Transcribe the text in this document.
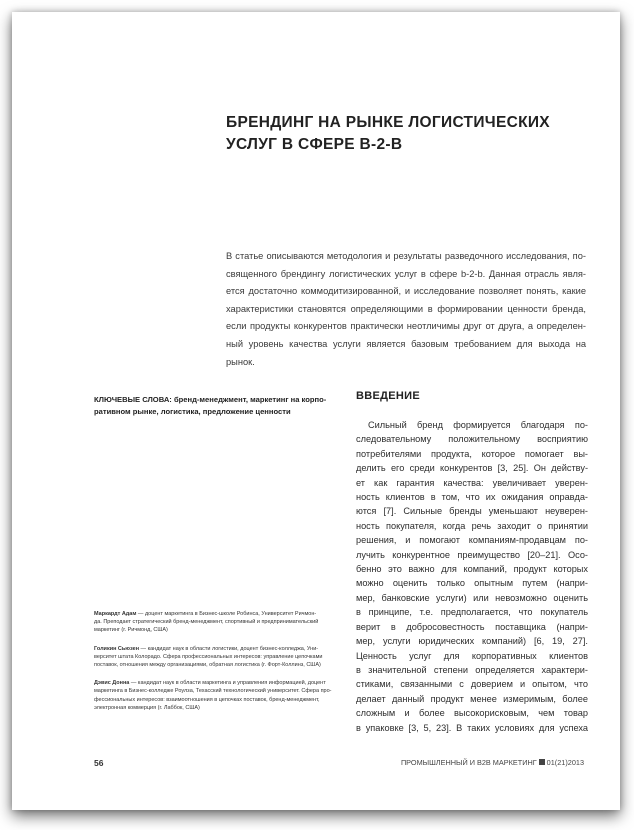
БРЕНДИНГ НА РЫНКЕ ЛОГИСТИЧЕСКИХ
УСЛУГ В СФЕРЕ B-2-B
В статье описываются методология и результаты разведочного исследования, по-
священного брендингу логистических услуг в сфере b-2-b. Данная отрасль явля-
ется достаточно коммодитизированной, и исследование позволяет понять, какие
характеристики становятся определяющими в формировании ценности бренда,
если продукты конкурентов практически неотличимы друг от друга, а определен-
ный уровень качества услуги является базовым требованием для выхода на рынок.
КЛЮЧЕВЫЕ СЛОВА: бренд-менеджмент, маркетинг на корпо-
ративном рынке, логистика, предложение ценности
ВВЕДЕНИЕ
Сильный бренд формируется благодаря по-
следовательному положительному восприятию
потребителями продукта, которое помогает вы-
делить его среди конкурентов [3, 25]. Он действу-
ет как гарантия качества: увеличивает уверен-
ность клиентов в том, что их ожидания оправда-
ются [7]. Сильные бренды уменьшают неуверен-
ность покупателя, когда речь заходит о принятии
решения, и помогают компаниям-продавцам по-
лучить конкурентное преимущество [20–21]. Осо-
бенно это важно для компаний, продукт которых
можно оценить только опытным путем (напри-
мер, банковские услуги) или невозможно оценить
в принципе, т.е. предполагается, что покупатель
верит в добросовестность поставщика (напри-
мер, услуги юридических компаний) [6, 19, 27].
Ценность услуг для корпоративных клиентов
в значительной степени определяется характери-
стиками, связанными с доверием и опытом, что
делает данный продукт менее измеримым, более
сложным и более высокорисковым, чем товар
в упаковке [3, 5, 23]. В таких условиях для успеха
Маркардт Адам — доцент маркетинга в Бизнес-школе Робинса, Университет Ричмон-
да. Преподает стратегический бренд-менеджмент, спортивный и предпринимательский
маркетинг (г. Ричмонд, США)
Голикин Сьюзен — кандидат наук в области логистики, доцент бизнес-колледжа, Уни-
верситет штата Колорадо. Сфера профессиональных интересов: управление цепочками
поставок, отношения между организациями, обратная логистика (г. Форт-Коллинз, США)
Дэвис Донна — кандидат наук в области маркетинга и управления информацией, доцент
маркетинга в Бизнес-колледже Роулза, Техасский технологический университет. Сфера про-
фессиональных интересов: взаимоотношения в цепочках поставок, бренд-менеджмент,
электронная коммерция (г. Лаббок, США)
56	ПРОМЫШЛЕННЫЙ И B2B МАРКЕТИНГ 01(21)2013
